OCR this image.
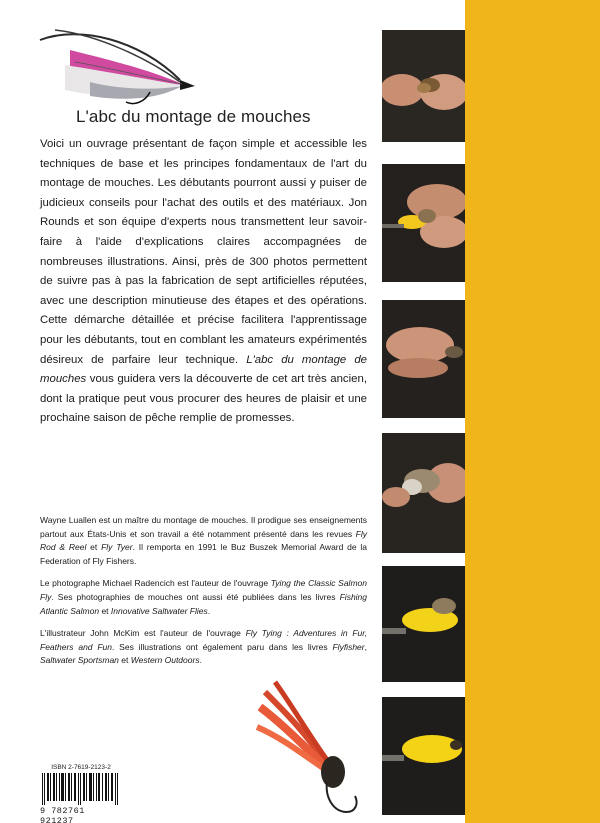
L'abc du montage de mouches

Voici un ouvrage présentant de façon simple et accessible les techniques de base et les principes fondamentaux de l'art du montage de mouches. Les débutants pourront aussi y puiser de judicieux conseils pour l'achat des outils et des matériaux. Jon Rounds et son équipe d'experts nous transmettent leur savoir-faire à l'aide d'explications claires accompagnées de nombreuses illustrations. Ainsi, près de 300 photos permettent de suivre pas à pas la fabrication de sept artificielles réputées, avec une description minutieuse des étapes et des opérations. Cette démarche détaillée et précise facilitera l'apprentissage pour les débutants, tout en comblant les amateurs expérimentés désireux de parfaire leur technique. L'abc du montage de mouches vous guidera vers la découverte de cet art très ancien, dont la pratique peut vous procurer des heures de plaisir et une prochaine saison de pêche remplie de promesses.

Wayne Luallen est un maître du montage de mouches. Il prodigue ses enseignements partout aux États-Unis et son travail a été notamment présenté dans les revues Fly Rod & Reel et Fly Tyer. Il remporta en 1991 le Buz Buszek Memorial Award de la Federation of Fly Fishers.

Le photographe Michael Radencich est l'auteur de l'ouvrage Tying the Classic Salmon Fly. Ses photographies de mouches ont aussi été publiées dans les livres Fishing Atlantic Salmon et Innovative Saltwater Flies.

L'illustrateur John McKim est l'auteur de l'ouvrage Fly Tying : Adventures in Fur, Feathers and Fun. Ses illustrations ont également paru dans les livres Flyfisher, Saltwater Sportsman et Western Outdoors.

ISBN 2-7619-2123-2
9 782761 921237
